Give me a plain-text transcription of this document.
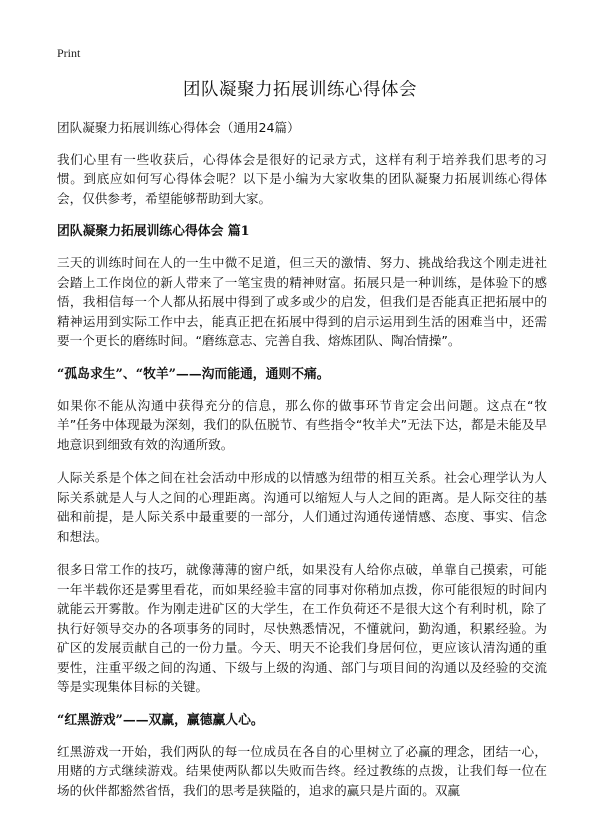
Print
团队凝聚力拓展训练心得体会

团队凝聚力拓展训练心得体会（通用24篇）

我们心里有一些收获后，心得体会是很好的记录方式，这样有利于培养我们思考的习惯。到底应如何写心得体会呢？以下是小编为大家收集的团队凝聚力拓展训练心得体会，仅供参考，希望能够帮助到大家。

团队凝聚力拓展训练心得体会 篇1

三天的训练时间在人的一生中微不足道，但三天的激情、努力、挑战给我这个刚走进社会踏上工作岗位的新人带来了一笔宝贵的精神财富。拓展只是一种训练，是体验下的感悟，我相信每一个人都从拓展中得到了或多或少的启发，但我们是否能真正把拓展中的精神运用到实际工作中去，能真正把在拓展中得到的启示运用到生活的困难当中，还需要一个更长的磨练时间。“磨练意志、完善自我、熔炼团队、陶冶情操”。

“孤岛求生”、“牧羊”——沟而能通，通则不痛。

如果你不能从沟通中获得充分的信息，那么你的做事环节肯定会出问题。这点在“牧羊”任务中体现最为深刻，我们的队伍脱节、有些指令“牧羊犬”无法下达，都是未能及早地意识到细致有效的沟通所致。

人际关系是个体之间在社会活动中形成的以情感为纽带的相互关系。社会心理学认为人际关系就是人与人之间的心理距离。沟通可以缩短人与人之间的距离。是人际交往的基础和前提，是人际关系中最重要的一部分，人们通过沟通传递情感、态度、事实、信念和想法。

很多日常工作的技巧，就像薄薄的窗户纸，如果没有人给你点破，单靠自己摸索，可能一年半载你还是雾里看花，而如果经验丰富的同事对你稍加点拨，你可能很短的时间内就能云开雾散。作为刚走进矿区的大学生，在工作负荷还不是很大这个有利时机，除了执行好领导交办的各项事务的同时，尽快熟悉情况，不懂就问，勤沟通，积累经验。为矿区的发展贡献自己的一份力量。今天、明天不论我们身居何位，更应该认清沟通的重要性，注重平级之间的沟通、下级与上级的沟通、部门与项目间的沟通以及经验的交流等是实现集体目标的关键。

“红黑游戏”——双赢，赢德赢人心。

红黑游戏一开始，我们两队的每一位成员在各自的心里树立了必赢的理念，团结一心，用赌的方式继续游戏。结果使两队都以失败而告终。经过教练的点拨，让我们每一位在场的伙伴都豁然省悟，我们的思考是狭隘的，追求的赢只是片面的。双赢
